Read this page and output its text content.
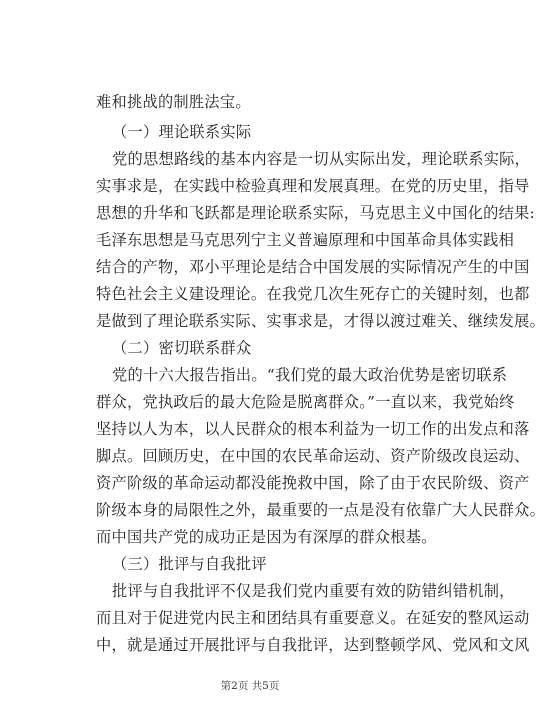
难和挑战的制胜法宝。
（一）理论联系实际
党的思想路线的基本内容是一切从实际出发，理论联系实际，
实事求是，在实践中检验真理和发展真理。在党的历史里，指导
思想的升华和飞跃都是理论联系实际，马克思主义中国化的结果:
毛泽东思想是马克思列宁主义普遍原理和中国革命具体实践相
结合的产物，邓小平理论是结合中国发展的实际情况产生的中国
特色社会主义建设理论。在我党几次生死存亡的关键时刻，也都
是做到了理论联系实际、实事求是，才得以渡过难关、继续发展。
（二）密切联系群众
党的十六大报告指出。“我们党的最大政治优势是密切联系
群众，党执政后的最大危险是脱离群众。”一直以来，我党始终
坚持以人为本，以人民群众的根本利益为一切工作的出发点和落
脚点。回顾历史，在中国的农民革命运动、资产阶级改良运动、
资产阶级的革命运动都没能挽救中国，除了由于农民阶级、资产
阶级本身的局限性之外，最重要的一点是没有依靠广大人民群众。
而中国共产党的成功正是因为有深厚的群众根基。
（三）批评与自我批评
批评与自我批评不仅是我们党内重要有效的防错纠错机制，
而且对于促进党内民主和团结具有重要意义。在延安的整风运动
中，就是通过开展批评与自我批评，达到整顿学风、党风和文风
第2页 共5页
